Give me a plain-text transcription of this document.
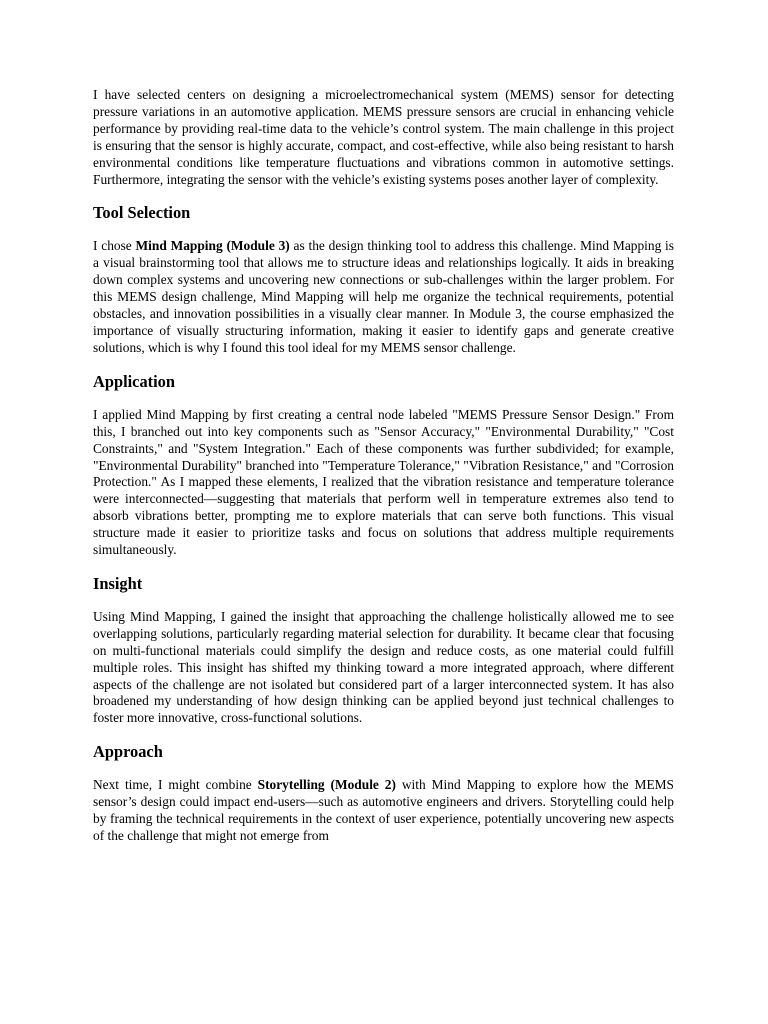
I have selected centers on designing a microelectromechanical system (MEMS) sensor for detecting pressure variations in an automotive application. MEMS pressure sensors are crucial in enhancing vehicle performance by providing real-time data to the vehicle’s control system. The main challenge in this project is ensuring that the sensor is highly accurate, compact, and cost-effective, while also being resistant to harsh environmental conditions like temperature fluctuations and vibrations common in automotive settings. Furthermore, integrating the sensor with the vehicle’s existing systems poses another layer of complexity.

Tool Selection

I chose Mind Mapping (Module 3) as the design thinking tool to address this challenge. Mind Mapping is a visual brainstorming tool that allows me to structure ideas and relationships logically. It aids in breaking down complex systems and uncovering new connections or sub-challenges within the larger problem. For this MEMS design challenge, Mind Mapping will help me organize the technical requirements, potential obstacles, and innovation possibilities in a visually clear manner. In Module 3, the course emphasized the importance of visually structuring information, making it easier to identify gaps and generate creative solutions, which is why I found this tool ideal for my MEMS sensor challenge.

Application

I applied Mind Mapping by first creating a central node labeled "MEMS Pressure Sensor Design." From this, I branched out into key components such as "Sensor Accuracy," "Environmental Durability," "Cost Constraints," and "System Integration." Each of these components was further subdivided; for example, "Environmental Durability" branched into "Temperature Tolerance," "Vibration Resistance," and "Corrosion Protection." As I mapped these elements, I realized that the vibration resistance and temperature tolerance were interconnected—suggesting that materials that perform well in temperature extremes also tend to absorb vibrations better, prompting me to explore materials that can serve both functions. This visual structure made it easier to prioritize tasks and focus on solutions that address multiple requirements simultaneously.

Insight

Using Mind Mapping, I gained the insight that approaching the challenge holistically allowed me to see overlapping solutions, particularly regarding material selection for durability. It became clear that focusing on multi-functional materials could simplify the design and reduce costs, as one material could fulfill multiple roles. This insight has shifted my thinking toward a more integrated approach, where different aspects of the challenge are not isolated but considered part of a larger interconnected system. It has also broadened my understanding of how design thinking can be applied beyond just technical challenges to foster more innovative, cross-functional solutions.

Approach

Next time, I might combine Storytelling (Module 2) with Mind Mapping to explore how the MEMS sensor’s design could impact end-users—such as automotive engineers and drivers. Storytelling could help by framing the technical requirements in the context of user experience, potentially uncovering new aspects of the challenge that might not emerge from
